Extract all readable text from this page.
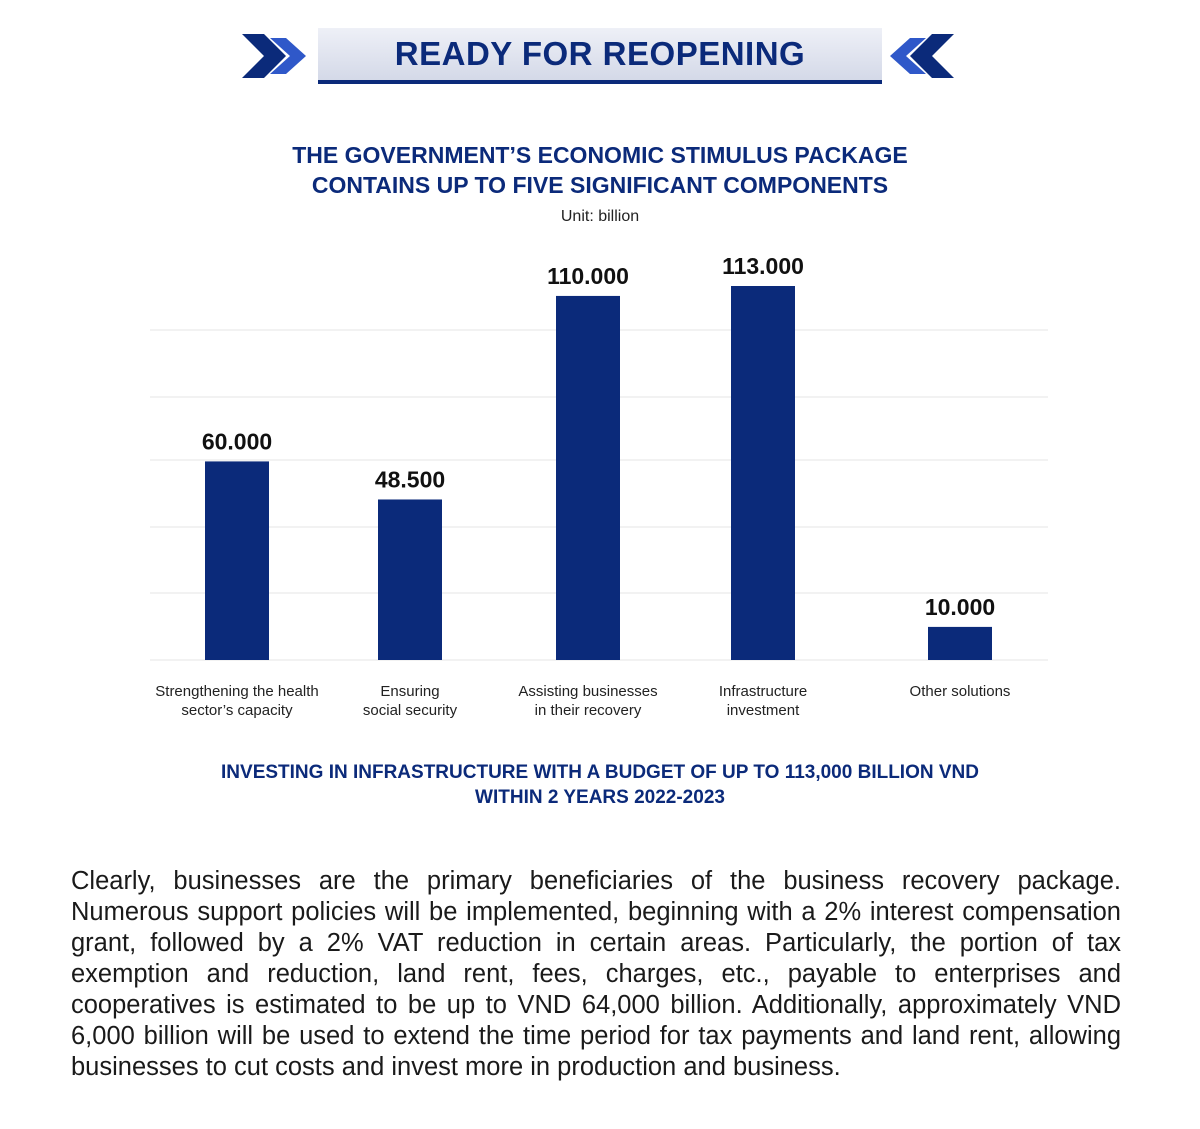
READY FOR REOPENING
THE GOVERNMENT’S ECONOMIC STIMULUS PACKAGE
CONTAINS UP TO FIVE SIGNIFICANT COMPONENTS
Unit: billion
60.000
Strengthening the health
sector’s capacity
48.500
Ensuring
social security
110.000
Assisting businesses
in their recovery
113.000
Infrastructure
investment
10.000
Other solutions
INVESTING IN INFRASTRUCTURE WITH A BUDGET OF UP TO 113,000 BILLION VND
WITHIN 2 YEARS 2022-2023

Clearly, businesses are the primary beneficiaries of the business recovery package. Numerous support policies will be implemented, beginning with a 2% interest compensation grant, followed by a 2% VAT reduction in certain areas. Particularly, the portion of tax exemption and reduction, land rent, fees, charges, etc., payable to enterprises and cooperatives is estimated to be up to VND 64,000 billion. Additionally, approximately VND 6,000 billion will be used to extend the time period for tax payments and land rent, allowing businesses to cut costs and invest more in production and business.
